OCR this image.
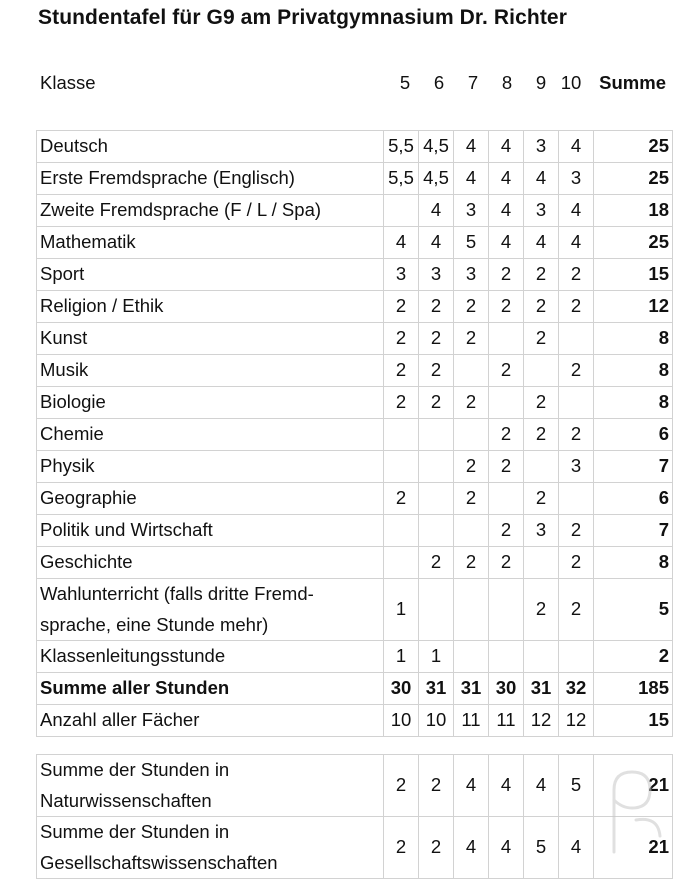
Stundentafel für G9 am Privatgymnasium Dr. Richter
Klasse	5	6	7	8	9 10 Summe
Deutsch	5,5	4,5	4	4	3	4	25
Erste Fremdsprache (Englisch)	5,5	4,5	4	4	4	3	25
Zweite Fremdsprache (F / L / Spa)		4	3	4	3	4	18
Mathematik	4	4	5	4	4	4	25
Sport	3	3	3	2	2	2	15
Religion / Ethik	2	2	2	2	2	2	12
Kunst	2	2	2		2		8
Musik	2	2		2		2	8
Biologie	2	2	2		2		8
Chemie				2	2	2	6
Physik			2	2		3	7
Geographie	2		2		2		6
Politik und Wirtschaft				2	3	2	7
Geschichte		2	2	2		2	8
Wahlunterricht (falls dritte Fremd-sprache, eine Stunde mehr)	1				2	2	5
Klassenleitungsstunde	1	1					2
Summe aller Stunden	30	31	31	30	31	32	185
Anzahl aller Fächer	10	10	11	11	12	12	15
Summe der Stunden in Naturwissenschaften	2	2	4	4	4	5	21
Summe der Stunden in Gesellschaftswissenschaften	2	2	4	4	5	4	21
